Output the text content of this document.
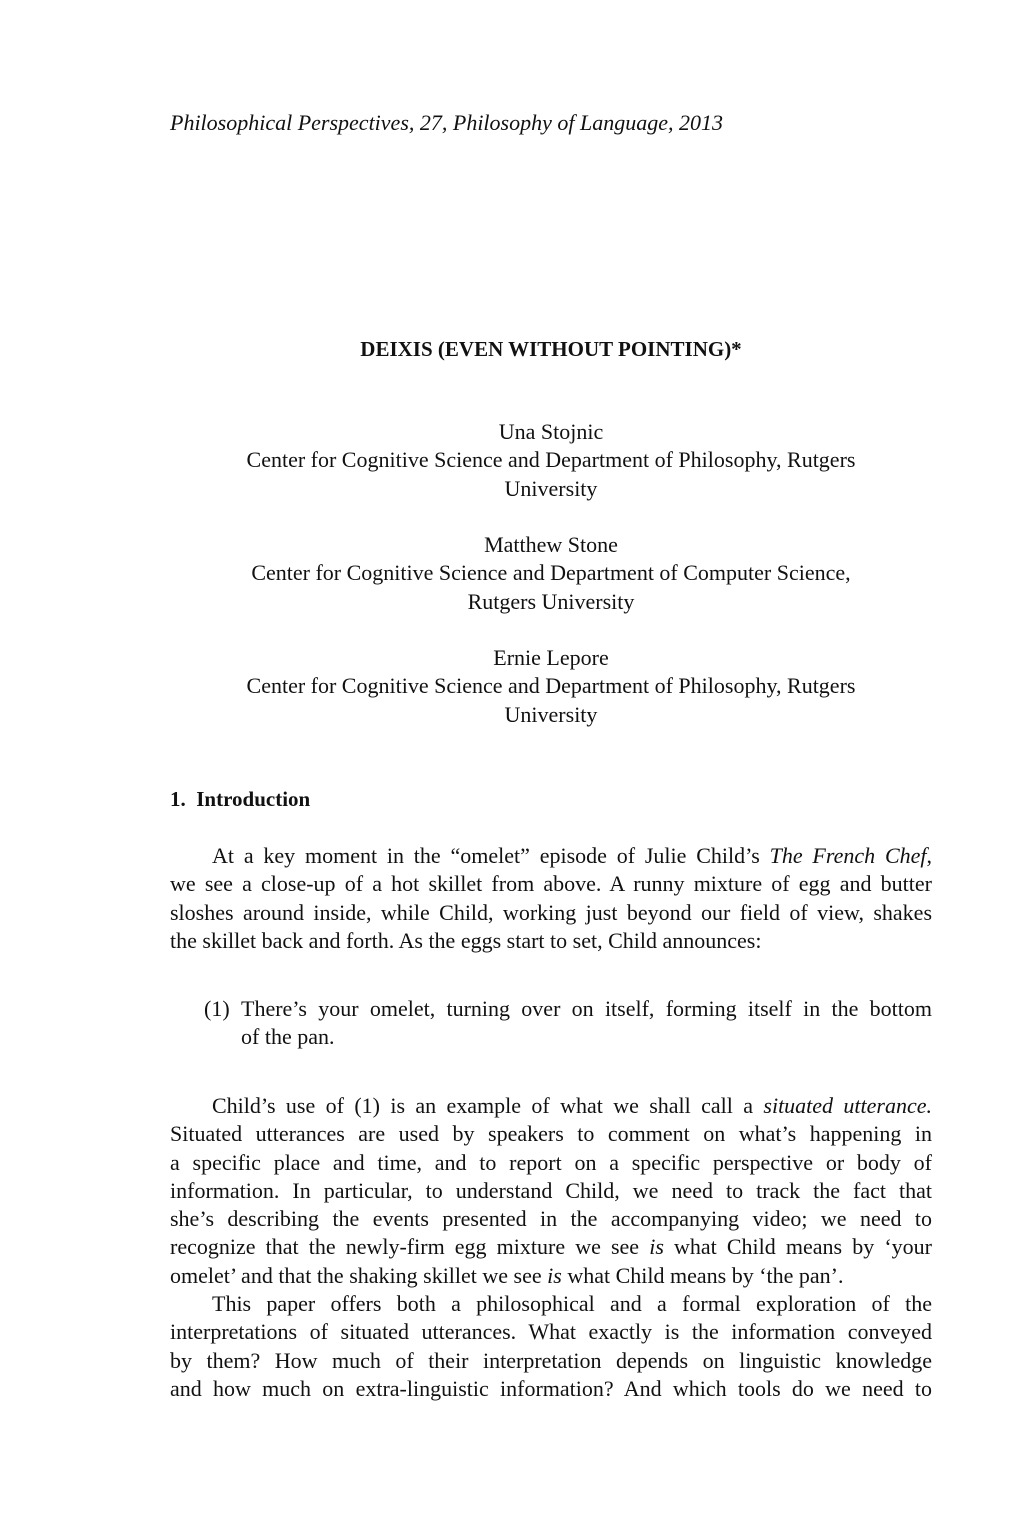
Philosophical Perspectives, 27, Philosophy of Language, 2013
DEIXIS (EVEN WITHOUT POINTING)*
Una Stojnic
Center for Cognitive Science and Department of Philosophy, Rutgers
University
Matthew Stone
Center for Cognitive Science and Department of Computer Science,
Rutgers University
Ernie Lepore
Center for Cognitive Science and Department of Philosophy, Rutgers
University
1. Introduction
At a key moment in the “omelet” episode of Julie Child’s The French Chef,
we see a close-up of a hot skillet from above. A runny mixture of egg and butter
sloshes around inside, while Child, working just beyond our field of view, shakes
the skillet back and forth. As the eggs start to set, Child announces:
(1) There’s your omelet, turning over on itself, forming itself in the bottom
of the pan.
Child’s use of (1) is an example of what we shall call a situated utterance.
Situated utterances are used by speakers to comment on what’s happening in
a specific place and time, and to report on a specific perspective or body of
information. In particular, to understand Child, we need to track the fact that
she’s describing the events presented in the accompanying video; we need to
recognize that the newly-firm egg mixture we see is what Child means by ‘your
omelet’ and that the shaking skillet we see is what Child means by ‘the pan’.
This paper offers both a philosophical and a formal exploration of the
interpretations of situated utterances. What exactly is the information conveyed
by them? How much of their interpretation depends on linguistic knowledge
and how much on extra-linguistic information? And which tools do we need to
